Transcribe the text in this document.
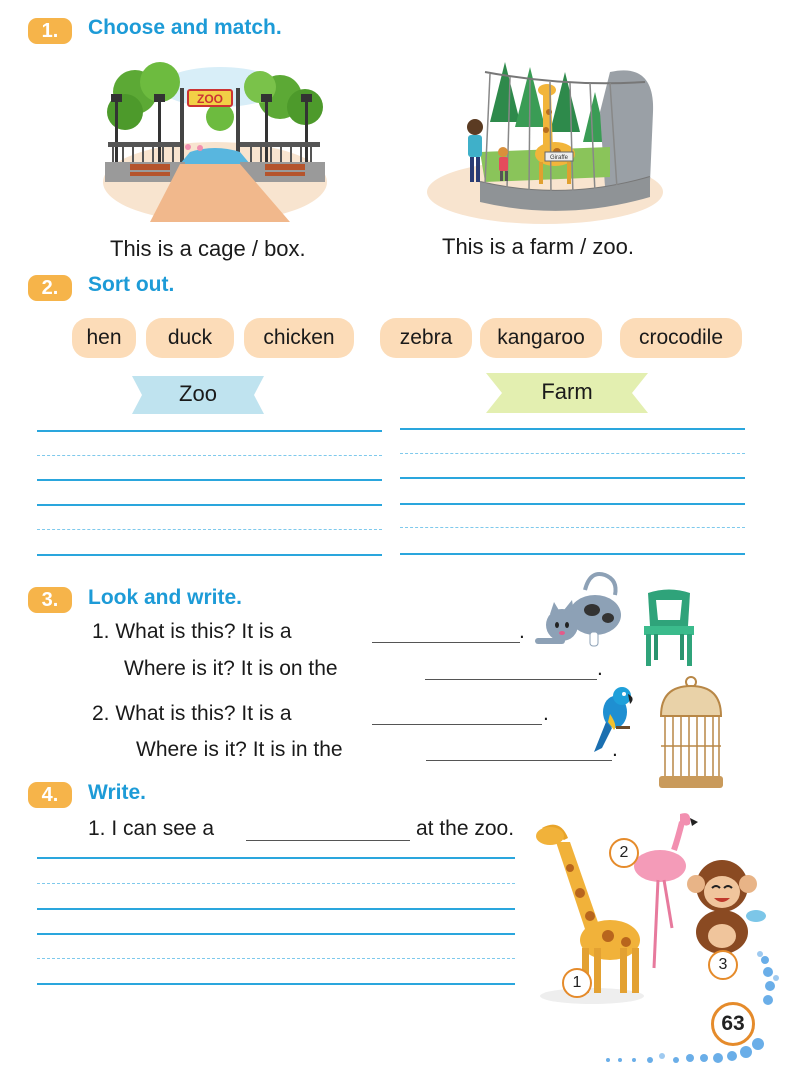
1.	Choose and match.
ZOO
Giraffe
This is a cage / box.	This is a farm / zoo.
2.	Sort out.
hen	duck	chicken	zebra	kangaroo	crocodile
Zoo	Farm
3.	Look and write.
1. What is this? It is a	.
Where is it? It is on the	.
2. What is this? It is a	.
Where is it? It is in the	.
4.	Write.
1. I can see a	at the zoo.
1
2
3
63
